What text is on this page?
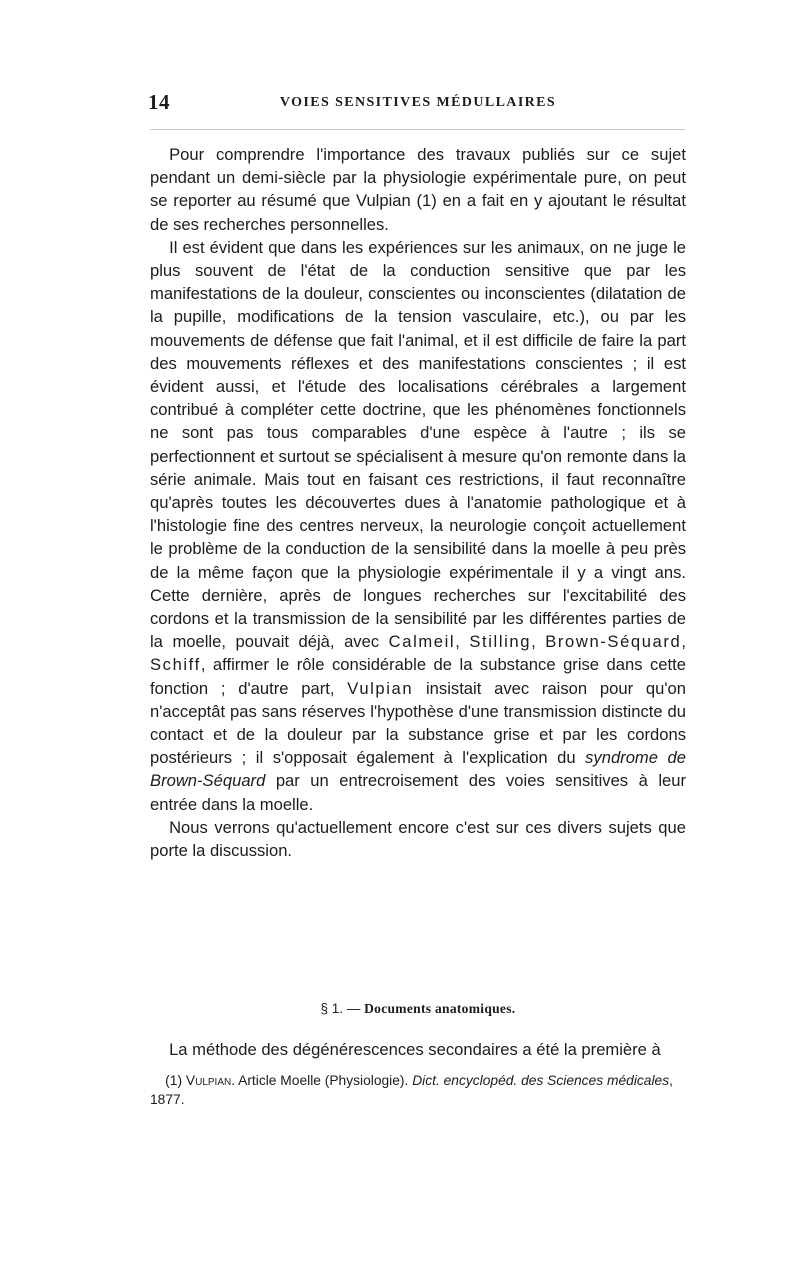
14	VOIES SENSITIVES MÉDULLAIRES

Pour comprendre l'importance des travaux publiés sur ce sujet pendant un demi-siècle par la physiologie expérimentale pure, on peut se reporter au résumé que Vulpian (1) en a fait en y ajoutant le résultat de ses recherches personnelles.

Il est évident que dans les expériences sur les animaux, on ne juge le plus souvent de l'état de la conduction sensitive que par les manifestations de la douleur, conscientes ou inconscientes (dilatation de la pupille, modifications de la tension vasculaire, etc.), ou par les mouvements de défense que fait l'animal, et il est difficile de faire la part des mouvements réflexes et des manifestations conscientes ; il est évident aussi, et l'étude des localisations cérébrales a largement contribué à compléter cette doctrine, que les phénomènes fonctionnels ne sont pas tous comparables d'une espèce à l'autre ; ils se perfectionnent et surtout se spécialisent à mesure qu'on remonte dans la série animale. Mais tout en faisant ces restrictions, il faut reconnaître qu'après toutes les découvertes dues à l'anatomie pathologique et à l'histologie fine des centres nerveux, la neurologie conçoit actuellement le problème de la conduction de la sensibilité dans la moelle à peu près de la même façon que la physiologie expérimentale il y a vingt ans. Cette dernière, après de longues recherches sur l'excitabilité des cordons et la transmission de la sensibilité par les différentes parties de la moelle, pouvait déjà, avec Calmeil, Stilling, Brown-Séquard, Schiff, affirmer le rôle considérable de la substance grise dans cette fonction ; d'autre part, Vulpian insistait avec raison pour qu'on n'acceptât pas sans réserves l'hypothèse d'une transmission distincte du contact et de la douleur par la substance grise et par les cordons postérieurs ; il s'opposait également à l'explication du syndrome de Brown-Séquard par un entrecroisement des voies sensitives à leur entrée dans la moelle.

Nous verrons qu'actuellement encore c'est sur ces divers sujets que porte la discussion.

§ 1. — Documents anatomiques.

La méthode des dégénérescences secondaires a été la première à

(1) Vulpian. Article Moelle (Physiologie). Dict. encyclopéd. des Sciences médicales, 1877.
